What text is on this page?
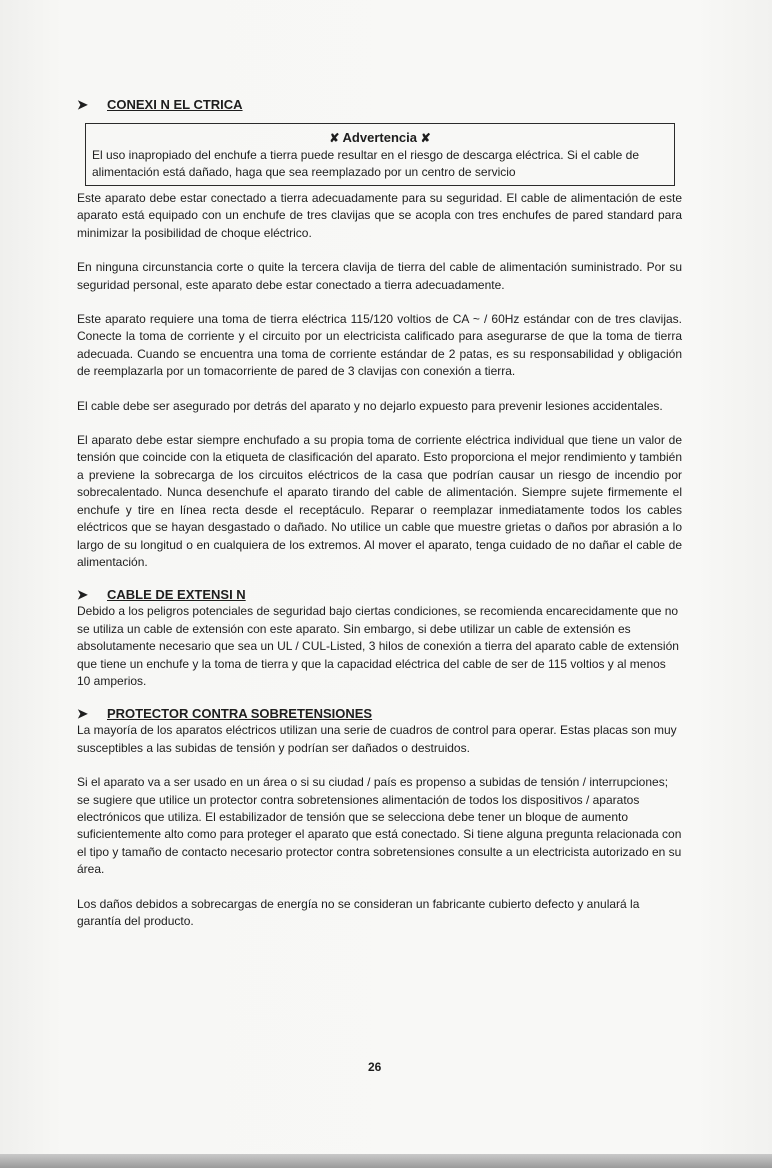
➤ CONEXI N EL CTRICA
✘ Advertencia ✘
El uso inapropiado del enchufe a tierra puede resultar en el riesgo de descarga eléctrica. Si el cable de alimentación está dañado, haga que sea reemplazado por un centro de servicio

Este aparato debe estar conectado a tierra adecuadamente para su seguridad. El cable de alimentación de este aparato está equipado con un enchufe de tres clavijas que se acopla con tres enchufes de pared standard para minimizar la posibilidad de choque eléctrico.

En ninguna circunstancia corte o quite la tercera clavija de tierra del cable de alimentación suministrado. Por su seguridad personal, este aparato debe estar conectado a tierra adecuadamente.

Este aparato requiere una toma de tierra eléctrica 115/120 voltios de CA ~ / 60Hz estándar con de tres clavijas. Conecte la toma de corriente y el circuito por un electricista calificado para asegurarse de que la toma de tierra adecuada. Cuando se encuentra una toma de corriente estándar de 2 patas, es su responsabilidad y obligación de reemplazarla por un tomacorriente de pared de 3 clavijas con conexión a tierra.

El cable debe ser asegurado por detrás del aparato y no dejarlo expuesto para prevenir lesiones accidentales.

El aparato debe estar siempre enchufado a su propia toma de corriente eléctrica individual que tiene un valor de tensión que coincide con la etiqueta de clasificación del aparato. Esto proporciona el mejor rendimiento y también a previene la sobrecarga de los circuitos eléctricos de la casa que podrían causar un riesgo de incendio por sobrecalentado. Nunca desenchufe el aparato tirando del cable de alimentación. Siempre sujete firmemente el enchufe y tire en línea recta desde el receptáculo. Reparar o reemplazar inmediatamente todos los cables eléctricos que se hayan desgastado o dañado. No utilice un cable que muestre grietas o daños por abrasión a lo largo de su longitud o en cualquiera de los extremos. Al mover el aparato, tenga cuidado de no dañar el cable de alimentación.

➤ CABLE DE EXTENSI N

Debido a los peligros potenciales de seguridad bajo ciertas condiciones, se recomienda encarecidamente que no se utiliza un cable de extensión con este aparato. Sin embargo, si debe utilizar un cable de extensión es absolutamente necesario que sea un UL / CUL-Listed, 3 hilos de conexión a tierra del aparato cable de extensión que tiene un enchufe y la toma de tierra y que la capacidad eléctrica del cable de ser de 115 voltios y al menos 10 amperios.

➤ PROTECTOR CONTRA SOBRETENSIONES

La mayoría de los aparatos eléctricos utilizan una serie de cuadros de control para operar. Estas placas son muy susceptibles a las subidas de tensión y podrían ser dañados o destruidos.

Si el aparato va a ser usado en un área o si su ciudad / país es propenso a subidas de tensión / interrupciones; se sugiere que utilice un protector contra sobretensiones alimentación de todos los dispositivos / aparatos electrónicos que utiliza. El estabilizador de tensión que se selecciona debe tener un bloque de aumento suficientemente alto como para proteger el aparato que está conectado. Si tiene alguna pregunta relacionada con el tipo y tamaño de contacto necesario protector contra sobretensiones consulte a un electricista autorizado en su área.

Los daños debidos a sobrecargas de energía no se consideran un fabricante cubierto defecto y anulará la garantía del producto.

26
